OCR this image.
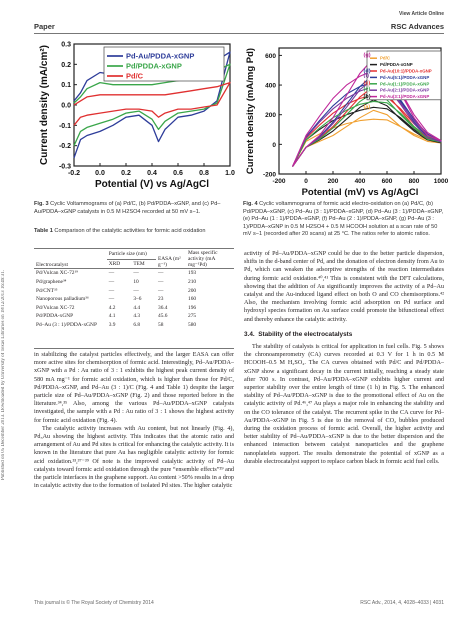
Paper
View Article Online
RSC Advances
Published on 05 December 2013. Downloaded by University of Texas Libraries on 18/12/2013 16:49:31.
-0.2 0.0 0.2 0.4 0.6 0.8 1.0
-0.3
-0.2
-0.1
0.0
0.1
0.2
0.3
Potential (V) vs Ag/AgCl
Current density (mA/cm²)	Pd-Au/PDDA-xGNP
Pd/PDDA-xGNP
Pd/C
-200	0	200 400 600 800 1000
-200
0
200
400
600
Potential (mV) vs Ag/AgCl
Current density (mA/mg Pd)	Pd/C
Pd/PDDA-xGNP
Pd-Au(10:1)/PDDA-xGNP
Pd-Au(5:1)/PDDA-xGNP
Pd-Au(1:1)/PDDA-xGNP
Pd-Au(2:1)/PDDA-xGNP
Pd-Au(3:1)/PDDA-xGNP
(a)
(b)
(c)
(d)
(e)
(f)
(g)
Fig. 3 Cyclic Voltammograms of (a) Pd/C, (b) Pd/PDDA–xGNP, and (c) Pd–Au/PDDA–xGNP catalysts in 0.5 M H2SO4 recorded at 50 mV s−1.
Fig. 4 Cyclic voltammograms of formic acid electro-oxidation on (a) Pd/C, (b) Pd/PDDA–xGNP, (c) Pd–Au (3 : 1)/PDDA–xGNP, (d) Pd–Au (3 : 1)/PDDA–xGNP, (e) Pd–Au (1 : 1)/PDDA–xGNP, (f) Pd–Au (2 : 1)/PDDA–xGNP, (g) Pd–Au (3 : 1)/PDDA–xGNP in 0.5 M H2SO4 + 0.5 M HCOOH solution at a scan rate of 50 mV s−1 (recorded after 20 scans) at 25 °C. The ratios refer to atomic ratios.
Table 1 Comparison of the catalytic activities for formic acid oxidation
Electrocatalyst	Particle size (nm)		EASA (m² g⁻¹)	Mass specific activity (mA mg⁻¹Pd)
	XRD	TEM		
Pd/Vulcan XC-72¹⁹	—	—	—	193
Pd/graphene³⁴	—	10	—	210
Pd/CNT³⁵	—	—	—	200
Nanoporous palladium³⁶	—	3–6	23	160
Pd/Vulcan XC-72	4.2	4.4	36.4	196
Pd/PDDA-xGNP	4.1	4.3	45.6	275
Pd–Au (3 : 1)/PDDA-xGNP	3.9	6.8	58	580

in stabilizing the catalyst particles effectively, and the larger EASA can offer more active sites for chemisorption of formic acid. Interestingly, Pd–Au/PDDA–xGNP with a Pd : Au ratio of 3 : 1 exhibits the highest peak current density of 580 mA mg⁻¹ for formic acid oxidation, which is higher than those for Pd/C, Pd/PDDA–xGNP, and Pd–Au (3 : 1)/C (Fig. 4 and Table 1) despite the larger particle size of Pd–Au/PDDA–xGNP (Fig. 2) and those reported before in the literature.³⁴,³⁵ Also, among the various Pd–Au/PDDA–xGNP catalysts investigated, the sample with a Pd : Au ratio of 3 : 1 shows the highest activity for formic acid oxidation (Fig. 4).

The catalytic activity increases with Au content, but not linearly (Fig. 4), Pd₃Au showing the highest activity. This indicates that the atomic ratio and arrangement of Au and Pd sites is critical for enhancing the catalytic activity. It is known in the literature that pure Au has negligible catalytic activity for formic acid oxidation.³³,³⁷⁻³⁹ Of note is the improved catalytic activity of Pd–Au catalysts toward formic acid oxidation through the pure “ensemble effects”³⁹ and the particle interfaces in the graphene support. Au content >50% results in a drop in catalytic activity due to the formation of isolated Pd sites. The higher catalytic

activity of Pd–Au/PDDA–xGNP could be due to the better particle dispersion, shifts in the d-band center of Pd, and the donation of electron density from Au to Pd, which can weaken the adsorptive strengths of the reaction intermediates during formic acid oxidation.⁴⁰,⁴¹ This is consistent with the DFT calculations, showing that the addition of Au significantly improves the activity of a Pd–Au catalyst and the Au-induced ligand effect on both O and CO chemisorptions.⁴² Also, the mechanism involving formic acid adsorption on Pd surface and hydroxyl species formation on Au surface could promote the bifunctional effect and thereby enhance the catalytic activity.

3.4. Stability of the electrocatalysts

The stability of catalysts is critical for application in fuel cells. Fig. 5 shows the chronoamperometry (CA) curves recorded at 0.3 V for 1 h in 0.5 M HCOOH–0.5 M H₂SO₄. The CA curves obtained with Pd/C and Pd/PDDA–xGNP show a significant decay in the current initially, reaching a steady state after 700 s. In contrast, Pd–Au/PDDA–xGNP exhibits higher current and superior stability over the entire length of time (1 h) in Fig. 5. The enhanced stability of Pd–Au/PDDA–xGNP is due to the promotional effect of Au on the catalytic activity of Pd.⁴⁶,⁴⁷ Au plays a major role in enhancing the stability and on the CO tolerance of the catalyst. The recurrent spike in the CA curve for Pd–Au/PDDA–xGNP in Fig. 5 is due to the removal of CO₂ bubbles produced during the oxidation process of formic acid. Overall, the higher activity and better stability of Pd–Au/PDDA–xGNP is due to the better dispersion and the enhanced interaction between catalyst nanoparticles and the graphene nanoplatelets support. The results demonstrate the potential of xGNP as a durable electrocatalyst support to replace carbon black in formic acid fuel cells.

This journal is © The Royal Society of Chemistry 2014	RSC Adv., 2014, 4, 4028–4033 | 4031
